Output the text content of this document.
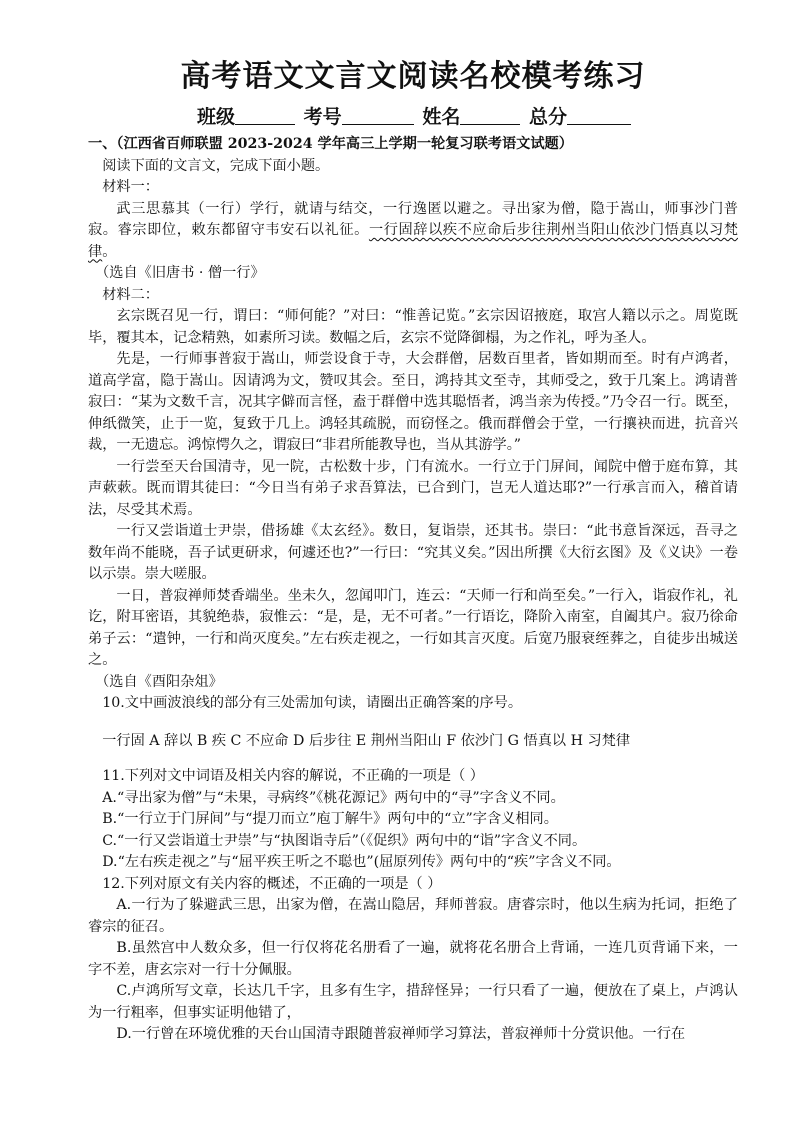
高考语文文言文阅读名校模考练习
班级	考号	姓名	总分

一、（江西省百师联盟 2023-2024 学年高三上学期一轮复习联考语文试题）

阅读下面的文言文，完成下面小题。

材料一：

武三思慕其（一行）学行，就请与结交，一行逸匿以避之。寻出家为僧，隐于嵩山，师事沙门普寂。睿宗即位，敕东都留守韦安石以礼征。一行固辞以疾不应命后步往荆州当阳山依沙门悟真以习梵律。

（选自《旧唐书 · 僧一行》

材料二：

玄宗既召见一行，谓曰：“师何能？”对曰：“惟善记览。”玄宗因诏掖庭，取宫人籍以示之。周览既毕，覆其本，记念精熟，如素所习读。数幅之后，玄宗不觉降御榻，为之作礼，呼为圣人。

先是，一行师事普寂于嵩山，师尝设食于寺，大会群僧，居数百里者，皆如期而至。时有卢鸿者，道高学富，隐于嵩山。因请鸿为文，赞叹其会。至日，鸿持其文至寺，其师受之，致于几案上。鸿请普寂曰：“某为文数千言，况其字僻而言怪，盍于群僧中选其聪悟者，鸿当亲为传授。”乃令召一行。既至，伸纸微笑，止于一览，复致于几上。鸿轻其疏脱，而窃怪之。俄而群僧会于堂，一行攘袂而进，抗音兴裁，一无遗忘。鸿惊愕久之，谓寂曰“非君所能教导也，当从其游学。”

一行尝至天台国清寺，见一院，古松数十步，门有流水。一行立于门屏间，闻院中僧于庭布算，其声蔌蔌。既而谓其徒曰：“今日当有弟子求吾算法，已合到门，岂无人道达耶?”一行承言而入，稽首请法，尽受其术焉。

一行又尝诣道士尹崇，借扬雄《太玄经》。数日，复诣崇，还其书。崇曰：“此书意旨深远，吾寻之数年尚不能晓，吾子试更研求，何遽还也?”一行曰：“究其义矣。”因出所撰《大衍玄图》及《义诀》一卷以示崇。崇大嗟服。

一日，普寂禅师焚香端坐。坐未久，忽闻叩门，连云：“天师一行和尚至矣。”一行入，诣寂作礼，礼讫，附耳密语，其貌绝恭，寂惟云：“是，是，无不可者。”一行语讫，降阶入南室，自阖其户。寂乃徐命弟子云：“遣钟，一行和尚灭度矣。”左右疾走视之，一行如其言灭度。后宽乃服衰绖葬之，自徒步出城送之。

（选自《酉阳杂俎》

10.文中画波浪线的部分有三处需加句读，请圈出正确答案的序号。

一行固 A 辞以 B 疾 C 不应命 D 后步往 E 荆州当阳山 F 依沙门 G 悟真以 H 习梵律

11.下列对文中词语及相关内容的解说，不正确的一项是（ ）

A.“寻出家为僧”与“未果，寻病终”《桃花源记》两句中的“寻”字含义不同。

B.“一行立于门屏间”与“提刀而立”庖丁解牛》两句中的“立”字含义相同。

C.“一行又尝诣道士尹崇”与“执图诣寺后”（《促织》两句中的“诣”字含义不同。

D.“左右疾走视之”与“屈平疾王听之不聪也”(屈原列传》两句中的“疾”字含义不同。

12.下列对原文有关内容的概述，不正确的一项是（ ）

A.一行为了躲避武三思，出家为僧，在嵩山隐居，拜师普寂。唐睿宗时，他以生病为托词，拒绝了睿宗的征召。

B.虽然宫中人数众多，但一行仅将花名册看了一遍，就将花名册合上背诵，一连几页背诵下来，一字不差，唐玄宗对一行十分佩服。

C.卢鸿所写文章，长达几千字，且多有生字，措辞怪异；一行只看了一遍，便放在了桌上，卢鸿认为一行粗率，但事实证明他错了，

D.一行曾在环境优雅的天台山国清寺跟随普寂禅师学习算法，普寂禅师十分赏识他。一行在
